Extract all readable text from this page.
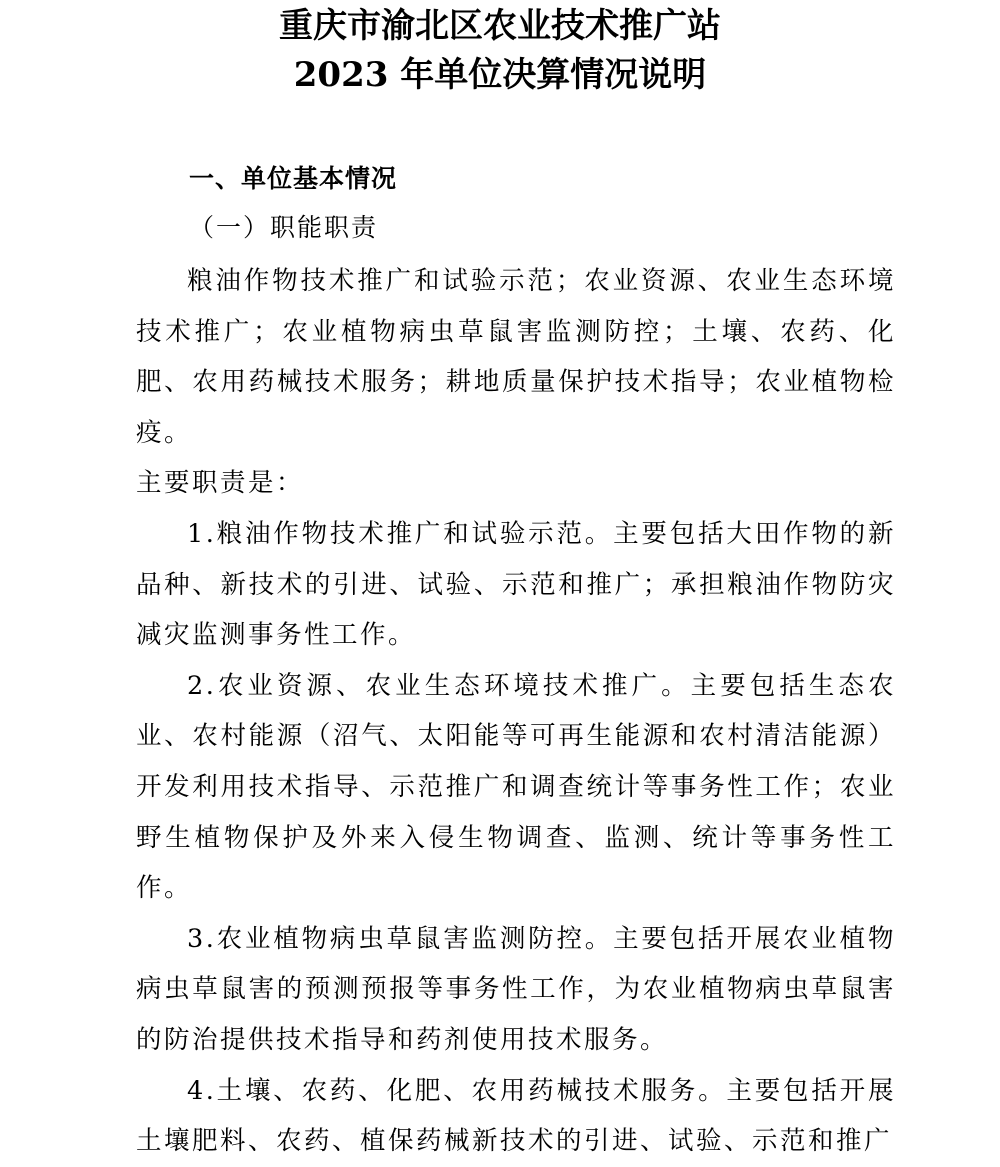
重庆市渝北区农业技术推广站
2023 年单位决算情况说明
一、单位基本情况
（一）职能职责

粮油作物技术推广和试验示范；农业资源、农业生态环境技术推广；农业植物病虫草鼠害监测防控；土壤、农药、化肥、农用药械技术服务；耕地质量保护技术指导；农业植物检疫。

主要职责是：

1.粮油作物技术推广和试验示范。主要包括大田作物的新品种、新技术的引进、试验、示范和推广；承担粮油作物防灾减灾监测事务性工作。

2.农业资源、农业生态环境技术推广。主要包括生态农业、农村能源（沼气、太阳能等可再生能源和农村清洁能源）开发利用技术指导、示范推广和调查统计等事务性工作；农业野生植物保护及外来入侵生物调查、监测、统计等事务性工作。

3.农业植物病虫草鼠害监测防控。主要包括开展农业植物病虫草鼠害的预测预报等事务性工作，为农业植物病虫草鼠害的防治提供技术指导和药剂使用技术服务。

4.土壤、农药、化肥、农用药械技术服务。主要包括开展土壤肥料、农药、植保药械新技术的引进、试验、示范和推广
